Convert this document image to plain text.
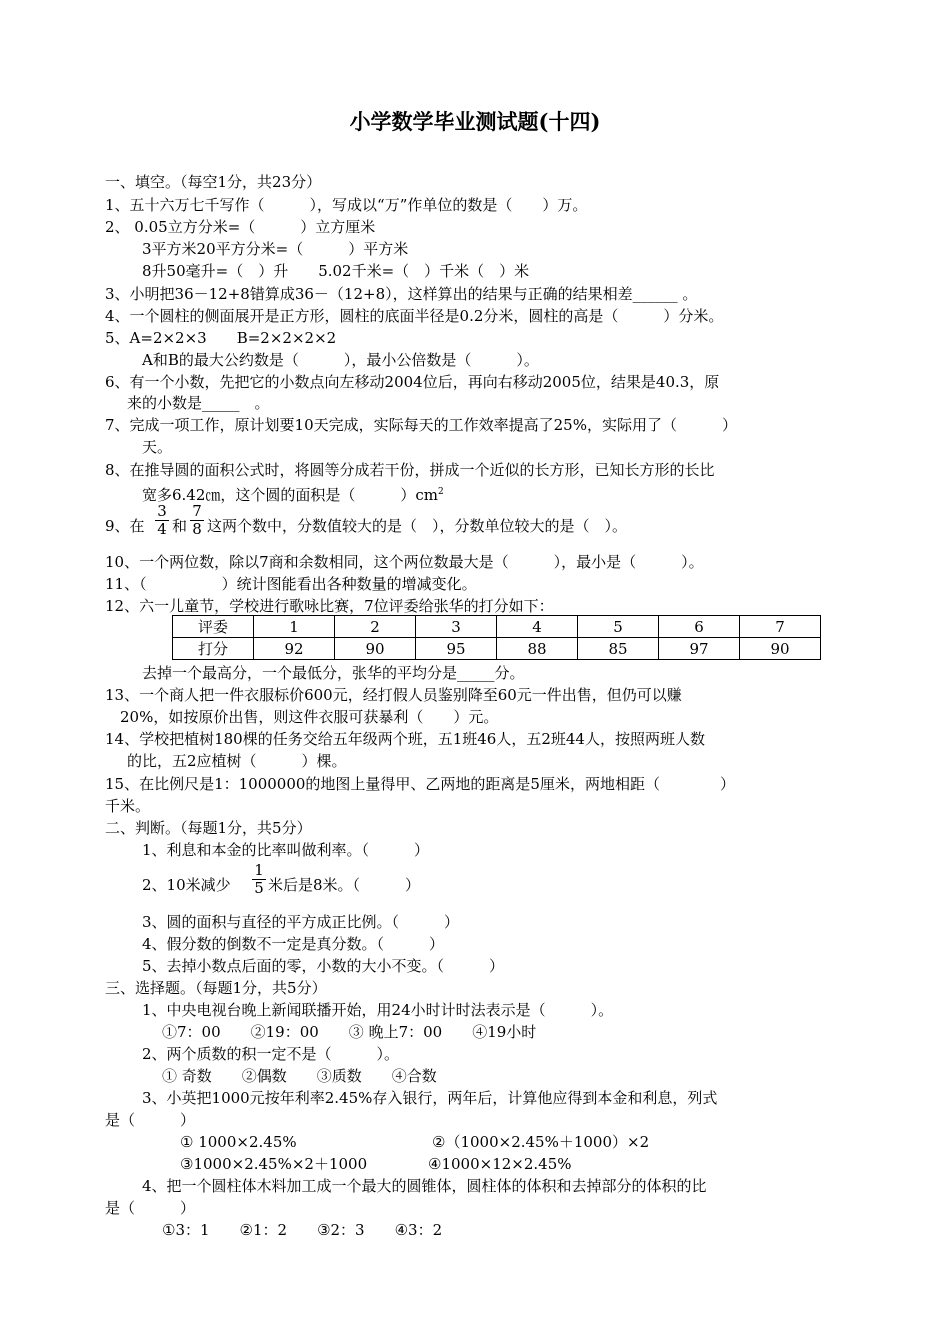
小学数学毕业测试题(十四)
一、填空。（每空1分，共23分）
1、五十六万七千写作（　　　），写成以“万”作单位的数是（　　）万。
2、 0.05立方分米=（　　　）立方厘米
3平方米20平方分米=（　　　）平方米
8升50毫升=（　）升　　5.02千米=（　）千米（　）米
3、小明把36－12+8错算成36－（12+8），这样算出的结果与正确的结果相差______ 。
4、一个圆柱的侧面展开是正方形，圆柱的底面半径是0.2分米，圆柱的高是（　　　）分米。
5、A=2×2×3　　B=2×2×2×2
A和B的最大公约数是（　　　），最小公倍数是（　　　）。
6、有一个小数，先把它的小数点向左移动2004位后，再向右移动2005位，结果是40.3，原
来的小数是_____　。
7、完成一项工作，原计划要10天完成，实际每天的工作效率提高了25%，实际用了（　　　）
天。
8、在推导圆的面积公式时，将圆等分成若干份，拼成一个近似的长方形，已知长方形的长比
宽多6.42㎝，这个圆的面积是（　　　）$cm^2$
9、在 $\frac{3}{4}$ 和 $\frac{7}{8}$ 这两个数中，分数值较大的是（　），分数单位较大的是（　）。
10、一个两位数，除以7商和余数相同，这个两位数最大是（　　　），最小是（　　　）。
11、（　　　　　）统计图能看出各种数量的增减变化。
12、六一儿童节，学校进行歌咏比赛，7位评委给张华的打分如下：
评委	1	2	3	4	5	6	7
打分	92	90	95	88	85	97	90
去掉一个最高分，一个最低分，张华的平均分是_____分。
13、一个商人把一件衣服标价600元，经打假人员鉴别降至60元一件出售，但仍可以赚
20%，如按原价出售，则这件衣服可获暴利（　　）元。
14、学校把植树180棵的任务交给五年级两个班，五1班46人，五2班44人，按照两班人数
的比，五2应植树（　　　）棵。
15、在比例尺是1：1000000的地图上量得甲、乙两地的距离是5厘米，两地相距（　　　　）
千米。
二、判断。（每题1分，共5分）
1、利息和本金的比率叫做利率。（　　　）
2、10米减少 $\frac{1}{5}$ 米后是8米。（　　　）
3、圆的面积与直径的平方成正比例。（　　　）
4、假分数的倒数不一定是真分数。（　　　）
5、去掉小数点后面的零，小数的大小不变。（　　　）
三、选择题。（每题1分，共5分）
1、中央电视台晚上新闻联播开始，用24小时计时法表示是（　　　）。
①7：00　　②19：00　　③ 晚上7：00　　④19小时
2、两个质数的积一定不是（　　　）。
① 奇数　　②偶数　　③质数　　④合数
3、小英把1000元按年利率2.45%存入银行，两年后，计算他应得到本金和利息，列式
是（　　　）
① 1000×2.45%	②（1000×2.45%＋1000）×2
③1000×2.45%×2＋1000	④1000×12×2.45%
4、把一个圆柱体木料加工成一个最大的圆锥体，圆柱体的体积和去掉部分的体积的比
是（　　　）
①3：1　　②1：2　　③2：3　　④3：2
